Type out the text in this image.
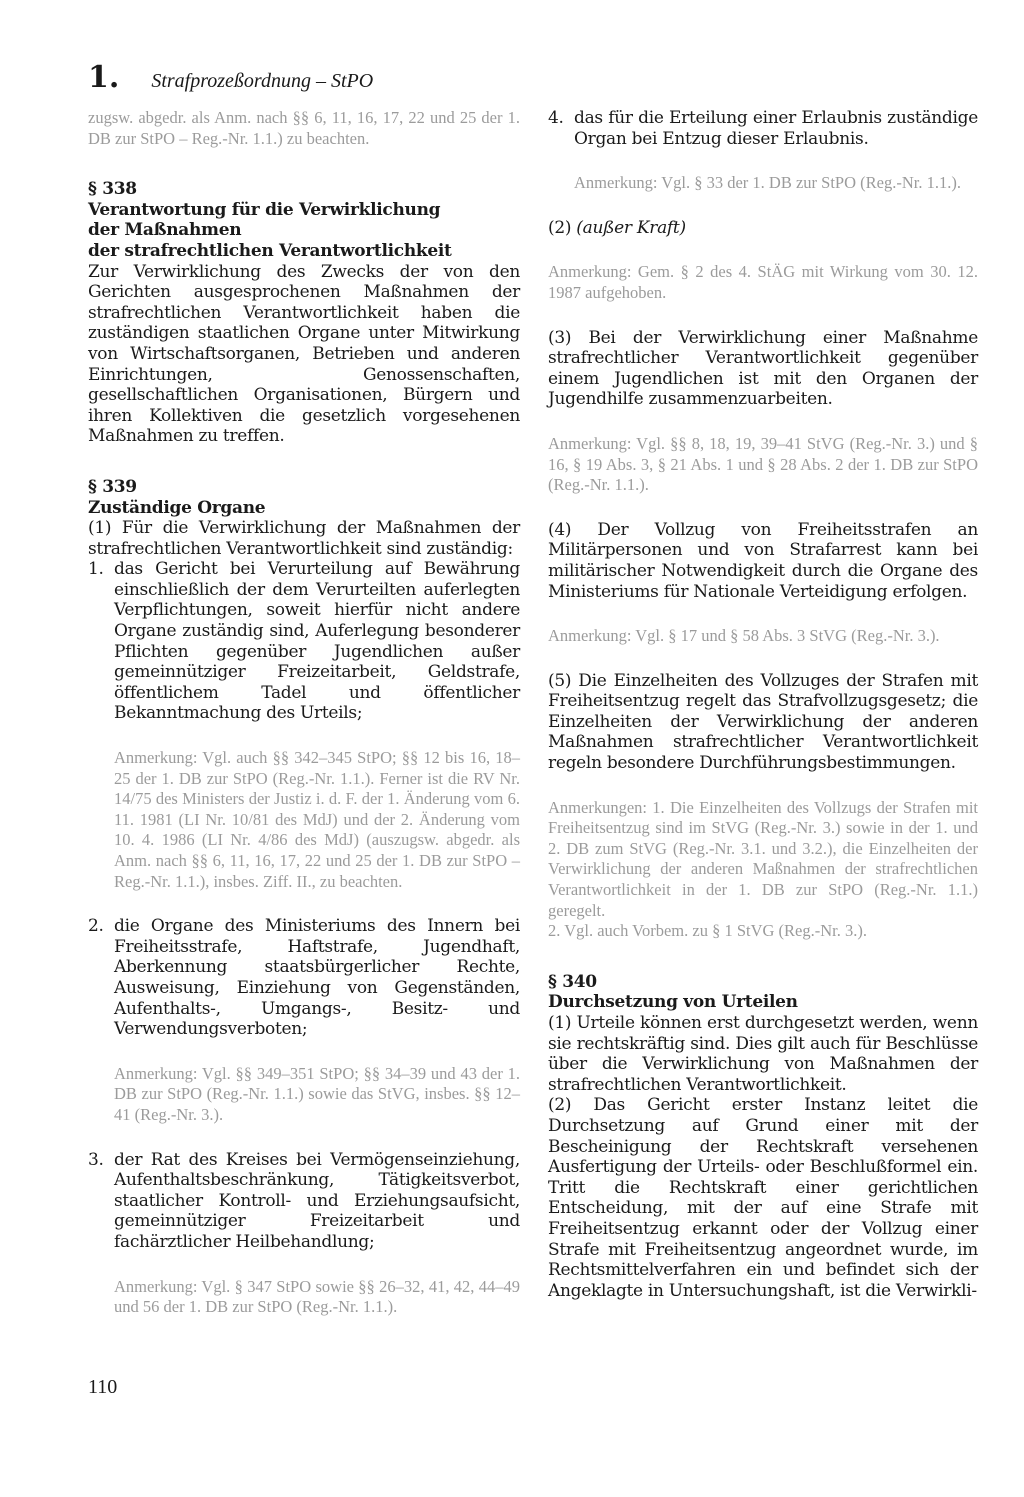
1. Strafprozeßordnung – StPO

zugsw. abgedr. als Anm. nach §§ 6, 11, 16, 17, 22 und 25 der 1. DB zur StPO – Reg.-Nr. 1.1.) zu beachten.

§ 338

Verantwortung für die Verwirklichung

der Maßnahmen

der strafrechtlichen Verantwortlichkeit

Zur Verwirklichung des Zwecks der von den Gerichten ausgesprochenen Maßnahmen der strafrechtlichen Verantwortlichkeit haben die zuständigen staatlichen Organe unter Mitwirkung von Wirtschaftsorganen, Betrieben und anderen Einrichtungen, Genossenschaften, gesellschaftlichen Organisationen, Bürgern und ihren Kollektiven die gesetzlich vorgesehenen Maßnahmen zu treffen.

§ 339

Zuständige Organe

(1) Für die Verwirklichung der Maßnahmen der strafrechtlichen Verantwortlichkeit sind zuständig:

1. das Gericht bei Verurteilung auf Bewährung einschließlich der dem Verurteilten auferlegten Verpflichtungen, soweit hierfür nicht andere Organe zuständig sind, Auferlegung besonderer Pflichten gegenüber Jugendlichen außer gemeinnütziger Freizeitarbeit, Geldstrafe, öffentlichem Tadel und öffentlicher Bekanntmachung des Urteils;

Anmerkung: Vgl. auch §§ 342–345 StPO; §§ 12 bis 16, 18–25 der 1. DB zur StPO (Reg.-Nr. 1.1.). Ferner ist die RV Nr. 14/75 des Ministers der Justiz i. d. F. der 1. Änderung vom 6. 11. 1981 (LI Nr. 10/81 des MdJ) und der 2. Änderung vom 10. 4. 1986 (LI Nr. 4/86 des MdJ) (auszugsw. abgedr. als Anm. nach §§ 6, 11, 16, 17, 22 und 25 der 1. DB zur StPO – Reg.-Nr. 1.1.), insbes. Ziff. II., zu beachten.

2. die Organe des Ministeriums des Innern bei Freiheitsstrafe, Haftstrafe, Jugendhaft, Aberkennung staatsbürgerlicher Rechte, Ausweisung, Einziehung von Gegenständen, Aufenthalts-, Umgangs-, Besitz- und Verwendungsverboten;

Anmerkung: Vgl. §§ 349–351 StPO; §§ 34–39 und 43 der 1. DB zur StPO (Reg.-Nr. 1.1.) sowie das StVG, insbes. §§ 12–41 (Reg.-Nr. 3.).

3. der Rat des Kreises bei Vermögenseinziehung, Aufenthaltsbeschränkung, Tätigkeitsverbot, staatlicher Kontroll- und Erziehungsaufsicht, gemeinnütziger Freizeitarbeit und fachärztlicher Heilbehandlung;

Anmerkung: Vgl. § 347 StPO sowie §§ 26–32, 41, 42, 44–49 und 56 der 1. DB zur StPO (Reg.-Nr. 1.1.).

4. das für die Erteilung einer Erlaubnis zuständige Organ bei Entzug dieser Erlaubnis.

Anmerkung: Vgl. § 33 der 1. DB zur StPO (Reg.-Nr. 1.1.).

(2) (außer Kraft)

Anmerkung: Gem. § 2 des 4. StÄG mit Wirkung vom 30. 12. 1987 aufgehoben.

(3) Bei der Verwirklichung einer Maßnahme strafrechtlicher Verantwortlichkeit gegenüber einem Jugendlichen ist mit den Organen der Jugendhilfe zusammenzuarbeiten.

Anmerkung: Vgl. §§ 8, 18, 19, 39–41 StVG (Reg.-Nr. 3.) und § 16, § 19 Abs. 3, § 21 Abs. 1 und § 28 Abs. 2 der 1. DB zur StPO (Reg.-Nr. 1.1.).

(4) Der Vollzug von Freiheitsstrafen an Militärpersonen und von Strafarrest kann bei militärischer Notwendigkeit durch die Organe des Ministeriums für Nationale Verteidigung erfolgen.

Anmerkung: Vgl. § 17 und § 58 Abs. 3 StVG (Reg.-Nr. 3.).

(5) Die Einzelheiten des Vollzuges der Strafen mit Freiheitsentzug regelt das Strafvollzugsgesetz; die Einzelheiten der Verwirklichung der anderen Maßnahmen strafrechtlicher Verantwortlichkeit regeln besondere Durchführungsbestimmungen.

Anmerkungen: 1. Die Einzelheiten des Vollzugs der Strafen mit Freiheitsentzug sind im StVG (Reg.-Nr. 3.) sowie in der 1. und 2. DB zum StVG (Reg.-Nr. 3.1. und 3.2.), die Einzelheiten der Verwirklichung der anderen Maßnahmen der strafrechtlichen Verantwortlichkeit in der 1. DB zur StPO (Reg.-Nr. 1.1.) geregelt.

2. Vgl. auch Vorbem. zu § 1 StVG (Reg.-Nr. 3.).

§ 340

Durchsetzung von Urteilen

(1) Urteile können erst durchgesetzt werden, wenn sie rechtskräftig sind. Dies gilt auch für Beschlüsse über die Verwirklichung von Maßnahmen der strafrechtlichen Verantwortlichkeit.

(2) Das Gericht erster Instanz leitet die Durchsetzung auf Grund einer mit der Bescheinigung der Rechtskraft versehenen Ausfertigung der Urteils- oder Beschlußformel ein. Tritt die Rechtskraft einer gerichtlichen Entscheidung, mit der auf eine Strafe mit Freiheitsentzug erkannt oder der Vollzug einer Strafe mit Freiheitsentzug angeordnet wurde, im Rechtsmittelverfahren ein und befindet sich der Angeklagte in Untersuchungshaft, ist die Verwirkli-

110
